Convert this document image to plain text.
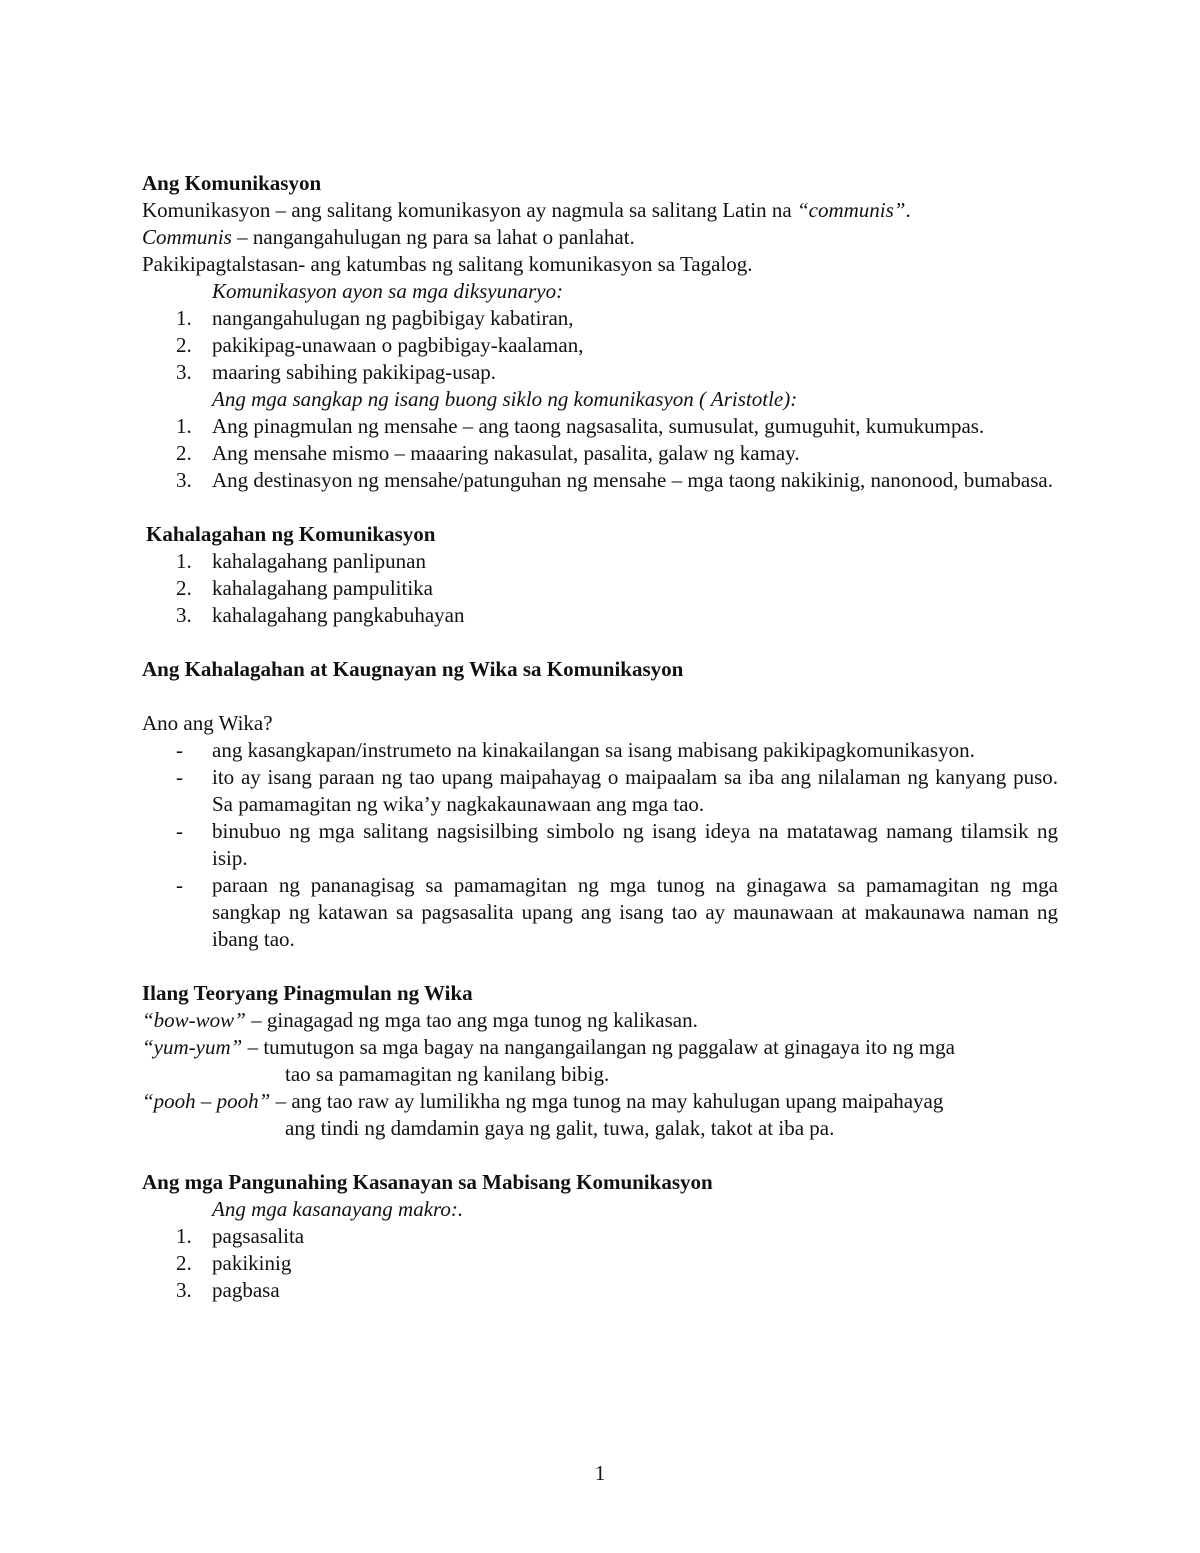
Ang Komunikasyon
Komunikasyon – ang salitang komunikasyon ay nagmula sa salitang Latin na “communis”.
Communis – nangangahulugan ng para sa lahat o panlahat.
Pakikipagtalstasan- ang katumbas ng salitang komunikasyon sa Tagalog.
Komunikasyon ayon sa mga diksyunaryo:
1. nangangahulugan ng pagbibigay kabatiran,
2. pakikipag-unawaan o pagbibigay-kaalaman,
3. maaring sabihing pakikipag-usap.
Ang mga sangkap ng isang buong siklo ng komunikasyon ( Aristotle):
1. Ang pinagmulan ng mensahe – ang taong nagsasalita, sumusulat, gumuguhit, kumukumpas.
2. Ang mensahe mismo – maaaring nakasulat, pasalita, galaw ng kamay.
3. Ang destinasyon ng mensahe/patunguhan ng mensahe – mga taong nakikinig, nanonood, bumabasa.
Kahalagahan ng Komunikasyon
1. kahalagahang panlipunan
2. kahalagahang pampulitika
3. kahalagahang pangkabuhayan
Ang Kahalagahan at Kaugnayan ng Wika sa Komunikasyon
Ano ang Wika?
-	ang kasangkapan/instrumeto na kinakailangan sa isang mabisang pakikipagkomunikasyon.
-	ito ay isang paraan ng tao upang maipahayag o maipaalam sa iba ang nilalaman ng kanyang puso. Sa pamamagitan ng wika’y nagkakaunawaan ang mga tao.
-	binubuo ng mga salitang nagsisilbing simbolo ng isang ideya na matatawag namang tilamsik ng isip.
-	paraan ng pananagisag sa pamamagitan ng mga tunog na ginagawa sa pamamagitan ng mga sangkap ng katawan sa pagsasalita upang ang isang tao ay maunawaan at makaunawa naman ng ibang tao.
Ilang Teoryang Pinagmulan ng Wika
“bow-wow” – ginagagad ng mga tao ang mga tunog ng kalikasan.
“yum-yum” – tumutugon sa mga bagay na nangangailangan ng paggalaw at ginagaya ito ng mga
tao sa pamamagitan ng kanilang bibig.
“pooh – pooh” – ang tao raw ay lumilikha ng mga tunog na may kahulugan upang maipahayag
ang tindi ng damdamin gaya ng galit, tuwa, galak, takot at iba pa.
Ang mga Pangunahing Kasanayan sa Mabisang Komunikasyon
Ang mga kasanayang makro:.
1. pagsasalita
2. pakikinig
3. pagbasa
1
